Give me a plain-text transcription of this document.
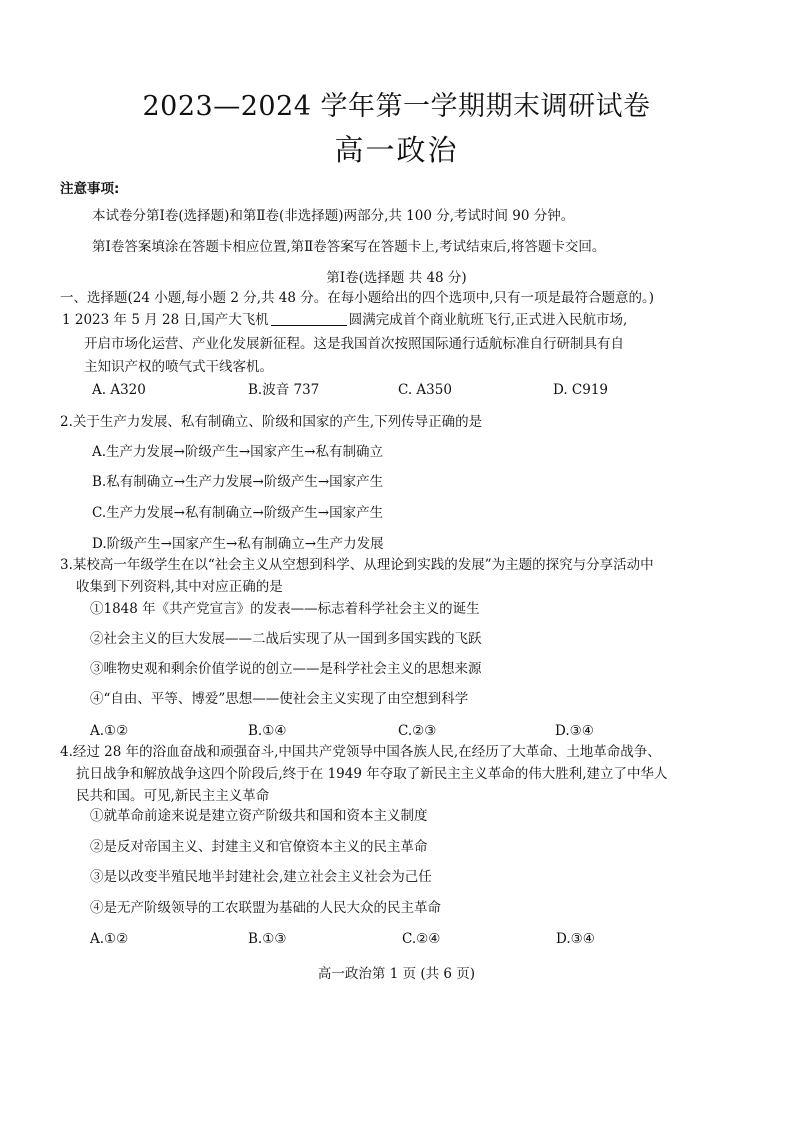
2023—2024 学年第一学期期末调研试卷
高一政治
注意事项:
本试卷分第Ⅰ卷(选择题)和第Ⅱ卷(非选择题)两部分,共 100 分,考试时间 90 分钟。
第Ⅰ卷答案填涂在答题卡相应位置,第Ⅱ卷答案写在答题卡上,考试结束后,将答题卡交回。
第Ⅰ卷(选择题 共 48 分)
一、选择题(24 小题,每小题 2 分,共 48 分。在每小题给出的四个选项中,只有一项是最符合题意的。)
1 2023 年 5 月 28 日,国产大飞机	圆满完成首个商业航班飞行,正式进入民航市场,
开启市场化运营、产业化发展新征程。这是我国首次按照国际通行适航标准自行研制具有自
主知识产权的喷气式干线客机。
A. A320	B.波音 737	C. A350	D. C919
2.关于生产力发展、私有制确立、阶级和国家的产生,下列传导正确的是
A.生产力发展→阶级产生→国家产生→私有制确立
B.私有制确立→生产力发展→阶级产生→国家产生
C.生产力发展→私有制确立→阶级产生→国家产生
D.阶级产生→国家产生→私有制确立→生产力发展
3.某校高一年级学生在以“社会主义从空想到科学、从理论到实践的发展”为主题的探究与分享活动中
收集到下列资料,其中对应正确的是
①1848 年《共产党宣言》的发表——标志着科学社会主义的诞生
②社会主义的巨大发展——二战后实现了从一国到多国实践的飞跃
③唯物史观和剩余价值学说的创立——是科学社会主义的思想来源
④“自由、平等、博爱”思想——使社会主义实现了由空想到科学
A.①②	B.①④	C.②③	D.③④
4.经过 28 年的浴血奋战和顽强奋斗,中国共产党领导中国各族人民,在经历了大革命、土地革命战争、
抗日战争和解放战争这四个阶段后,终于在 1949 年夺取了新民主主义革命的伟大胜利,建立了中华人
民共和国。可见,新民主主义革命
①就革命前途来说是建立资产阶级共和国和资本主义制度
②是反对帝国主义、封建主义和官僚资本主义的民主革命
③是以改变半殖民地半封建社会,建立社会主义社会为己任
④是无产阶级领导的工农联盟为基础的人民大众的民主革命
A.①②	B.①③	C.②④	D.③④
高一政治第 1 页 (共 6 页)
